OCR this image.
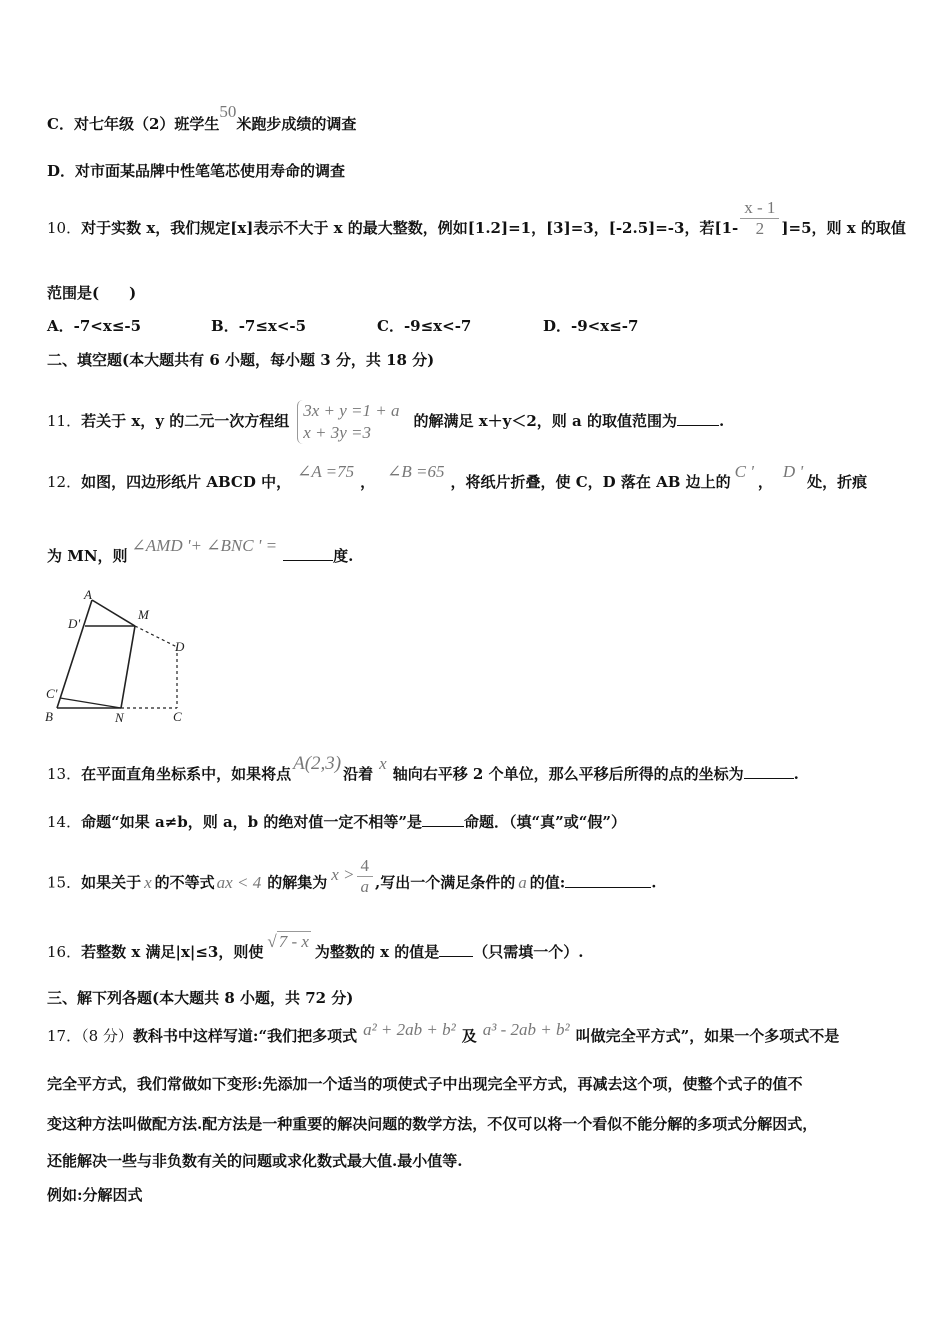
C．对七年级（2）班学生50米跑步成绩的调查
D．对市面某品牌中性笔笔芯使用寿命的调查
10．对于实数 x，我们规定[x]表示不大于 x 的最大整数，例如[1.2]=1，[3]=3，[-2.5]=-3，若$[1- \frac{x - 1}{2} ]=5$，则 x 的取值
范围是(　　)
A．-7<x≤-5	B．-7≤x<-5	C．-9≤x<-7	D．-9<x≤-7
二、填空题(本大题共有 6 小题，每小题 3 分，共 18 分)
11．若关于 x，y 的二元一次方程组
3x + y =1 + a
x + 3y =3
的解满足 x＋y＜2，则 a 的取值范围为	.
12．如图，四边形纸片 ABCD 中，∠A =75，∠B =65，将纸片折叠，使 C，D 落在 AB 边上的C '，D '处，折痕
为 MN，则∠AMD '+ ∠BNC ' =度.
A
D'
M
D
C'
B	N	C
13．在平面直角坐标系中，如果将点 A(2,3) 沿着x轴向右平移 2 个单位，那么平移后所得的点的坐标为	.
14．命题“如果 a≠b，则 a，b 的绝对值一定不相等”是	命题．（填“真”或“假”）
15．如果关于 x 的不等式 ax < 4 的解集为 $x > \frac{4}{a}$ ,写出一个满足条件的 a 的值:	.
16．若整数 x 满足|x|≤3，则使√ 7 - x为整数的 x 的值是 （只需填一个）.
三、解下列各题(本大题共 8 小题，共 72 分)
17．（8 分）教科书中这样写道:“我们把多项式 a² + 2ab + b² 及 a³ - 2ab + b² 叫做完全平方式”，如果一个多项式不是
完全平方式，我们常做如下变形:先添加一个适当的项使式子中出现完全平方式，再减去这个项，使整个式子的值不
变这种方法叫做配方法.配方法是一种重要的解决问题的数学方法，不仅可以将一个看似不能分解的多项式分解因式，
还能解决一些与非负数有关的问题或求化数式最大值.最小值等.
例如:分解因式
